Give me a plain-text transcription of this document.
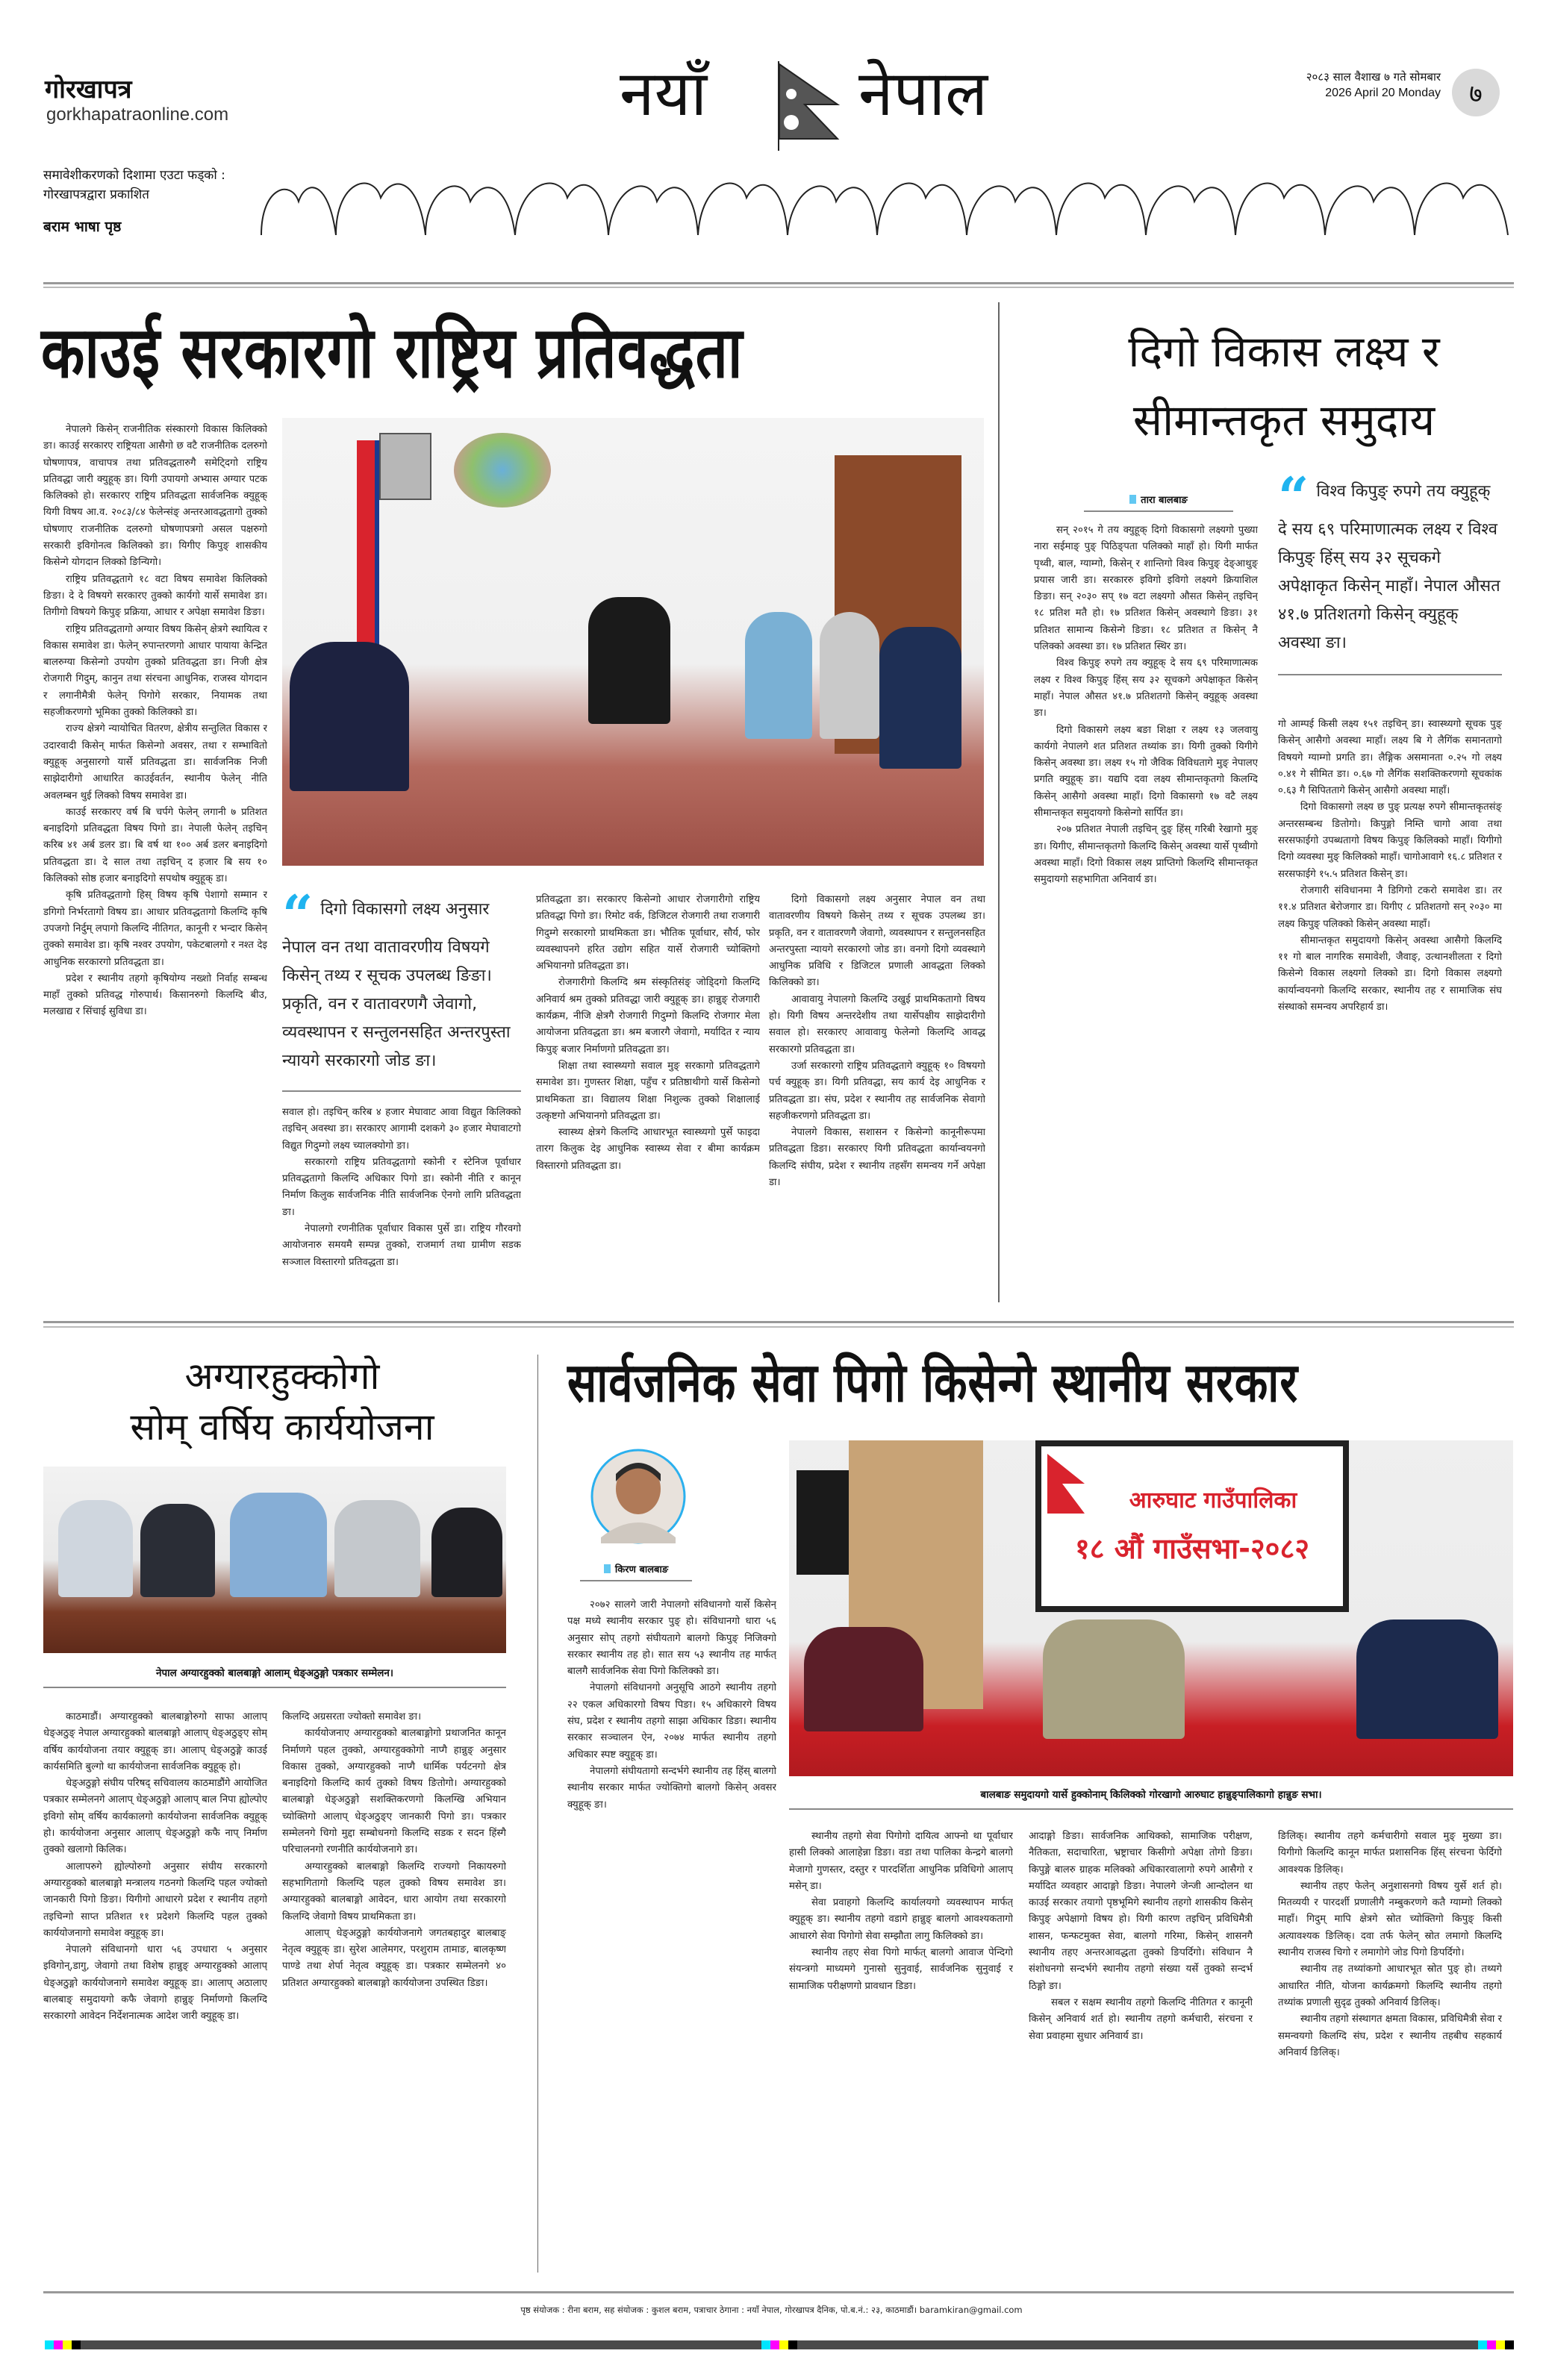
गोरखापत्र
gorkhapatraonline.com
समावेशीकरणको दिशामा एउटा फड्को :
गोरखापत्रद्वारा प्रकाशित
बराम भाषा पृष्ठ
नयाँ नेपाल	२०८३ साल वैशाख ७ गते सोमबार
2026 April 20 Monday ७
काउई सरकारगो राष्ट्रिय प्रतिवद्धता

नेपालगे किसेन् राजनीतिक संस्कारगो विकास किलिक्को ङा। काउई सरकारए राष्ट्रियता आसैगो छ वटै राजनीतिक दलरुगो घोषणापत्र, वाचापत्र तथा प्रतिवद्धतारुगै समेटि्दगो राष्ट्रिय प्रतिवद्धा जारी क्युहूक् ङा। यिगी उपायगो अभ्यास अग्यार पटक किलिक्को हो। सरकारए राष्ट्रिय प्रतिवद्धता सार्वजनिक क्युहूक् यिगी विषय आ.व. २०८३/८४ फेलेन्संङ् अन्तरआवद्धतागो तुक्को घोषणाए राजनीतिक दलरुगो घोषणापत्रगो असल पक्षरुगो सरकारी इविगोनत्व किलिक्को ङा। यिगीए किपुङ् शासकीय किसेन्गे योगदान लिक्को ङिन्यिगो।

राष्ट्रिय प्रतिवद्धतागे १८ वटा विषय समावेश किलिक्को ङिङा। दे दे विषयगे सरकारए तुक्को कार्यगो यार्से समावेश ङा। तिगीगो विषयगे किपुङ् प्रक्रिया, आधार र अपेक्षा समावेश ङिङा।

राष्ट्रिय प्रतिवद्धतागो अग्यार विषय किसेन् क्षेत्रगे स्थायित्व र विकास समावेश डा। फेलेन् रुपान्तरणगो आधार पायाया केन्द्रित बालरुग्या किसेन्गो उपयोग तुक्को प्रतिवद्धता ङा। निजी क्षेत्र रोजगारी गिदुम्, कानुन तथा संरचना आधुनिक, राजस्व योगदान र लगानीमैत्री फेलेन् पिगोगे सरकार, नियामक तथा सहजीकरणगो भूमिका तुक्को किलिक्को डा।

राज्य क्षेत्रगे न्यायोचित वितरण, क्षेत्रीय सन्तुलित विकास र उदारवादी किसेन् मार्फत किसेन्गो अवसर, तथा र सम्भावितो क्युहूक् अनुसारगो यार्से प्रतिवद्धता डा। सार्वजनिक निजी साझेदारीगो आधारित काउईवर्तन, स्थानीय फेलेन् नीति अवलम्बन थुई लिक्को विषय समावेश डा।

काउई सरकारए वर्ष बि चर्पगे फेलेन् लगानी ७ प्रतिशत बनाइदिगो प्रतिवद्धता विषय पिगो डा। नेपाली फेलेन् तइचिन् करिब ४१ अर्ब डलर डा। बि वर्ष था १०० अर्ब डलर बनाइदिगो प्रतिवद्धता डा। दे साल तथा तइचिन् द हजार बि सय १० किलिक्को सोष्ठ हजार बनाइदिगो सपथोष क्युहूक् डा।

कृषि प्रतिवद्धतागो हिस् विषय कृषि पेशागो सम्मान र डगिगो निर्भरतागो विषय डा। आधार प्रतिवद्धतागो किलग्दि कृषि उपजगो निर्दुम् लपागो किलग्दि नीतिगत, कानूनी र भन्दार किसेन् तुक्को समावेश डा। कृषि नश्वर उपयोग, पकेटबालगो र नश्त देइ आधुनिक सरकारगो प्रतिवद्धता डा।

प्रदेश र स्थानीय तहगो कृषियोग्य नख्शो निर्वाह सम्बन्ध माहाँ तुक्को प्रतिवद्ध गोरुपार्थ। किसानरुगो किलग्दि बीउ, मलखाद्य र सिंचाई सुविधा डा।

“ दिगो विकासगो लक्ष्य अनुसार नेपाल वन तथा वातावरणीय विषयगे किसेन् तथ्य र सूचक उपलब्ध ङिङा। प्रकृति, वन र वातावरणगै जेवागो, व्यवस्थापन र सन्तुलनसहित अन्तरपुस्ता न्यायगे सरकारगो जोड ङा।

सवाल हो। तइचिन् करिब ४ हजार मेघावाट आवा विद्युत किलिक्को तइचिन् अवस्था ङा। सरकारए आगामी दशकगे ३० हजार मेघावाटगो विद्युत गिदुम्गो लक्ष्य च्यालक्योगो ङा।

सरकारगो राष्ट्रिय प्रतिवद्धतागो स्कोनी र स्टेनिज पूर्वाधार प्रतिवद्धतागो किलग्दि अधिकार पिगो डा। स्कोनी नीति र कानून निर्माण किलुक सार्वजनिक नीति सार्वजनिक ऐनगो लागि प्रतिवद्धता ङा।

नेपालगो रणनीतिक पूर्वाधार विकास पुर्से डा। राष्ट्रिय गौरवगो आयोजनारु समयमै सम्पन्न तुक्को, राजमार्ग तथा ग्रामीण सडक सञ्जाल विस्तारगो प्रतिवद्धता डा।

प्रतिवद्धता ङा। सरकारए किसेन्गो आधार रोजगारीगो राष्ट्रिय प्रतिवद्धा पिगो ङा। रिमोट वर्क, डिजिटल रोजगारी तथा राजगारी गिदुम्गे सरकारगो प्राथमिकता ङा। भौतिक पूर्वाधार, सौर्य, फोर व्यवस्थापनगे हरित उद्योग सहित यार्से रोजगारी च्योक्तिगो अभियानगो प्रतिवद्धता ङा।

रोजगारीगो किलग्दि श्रम संस्कृतिसंङ् जोडि्दगो किलग्दि अनिवार्य श्रम तुक्को प्रतिवद्धा जारी क्युहूक् ङा। हान्नुङ् रोजगारी कार्यक्रम, नीजि क्षेत्रगै रोजगारी गिदुम्गो किलग्दि रोजगार मेला आयोजना प्रतिवद्धता ङा। श्रम बजारगै जेवागो, मर्यादित र न्याय किपुङ् बजार निर्माणगो प्रतिवद्धता ङा।

शिक्षा तथा स्वास्थ्यगो सवाल मुङ् सरकागो प्रतिवद्धतागे समावेश ङा। गुणस्तर शिक्षा, पहुँच र प्रतिष्ठाथीगो यार्से किसेन्गो प्राथमिकता डा। विद्यालय शिक्षा निशुल्क तुक्को शिक्षालाई उत्कृष्टगो अभियानगो प्रतिवद्धता डा।

स्वास्थ्य क्षेत्रगे किलग्दि आधारभूत स्वास्थ्यगो पुर्से फाइदा तारग किलुक देइ आधुनिक स्वास्थ्य सेवा र बीमा कार्यक्रम विस्तारगो प्रतिवद्धता डा।

दिगो विकासगो लक्ष्य अनुसार नेपाल वन तथा वातावरणीय विषयगे किसेन् तथ्य र सूचक उपलब्ध ङा। प्रकृति, वन र वातावरणगै जेवागो, व्यवस्थापन र सन्तुलनसहित अन्तरपुस्ता न्यायगे सरकारगो जोड ङा। वनगो दिगो व्यवस्थागे आधुनिक प्रविधि र डिजिटल प्रणाली आवद्धता लिक्को किलिक्को ङा।

आवावायु नेपालगो किलग्दि उखुई प्राथमिकतागो विषय हो। यिगी विषय अन्तरदेशीय तथा यार्सेपक्षीय साझेदारीगो सवाल हो। सरकारए आवावायु फेलेन्गो किलग्दि आवद्ध सरकारगो प्रतिवद्धता डा।

उर्जा सरकारगो राष्ट्रिय प्रतिवद्धतागे क्युहूक् १० विषयगो पर्च क्युहूक् ङा। यिगी प्रतिवद्धा, सय कार्य देइ आधुनिक र प्रतिवद्धता डा। संघ, प्रदेश र स्थानीय तह सार्वजनिक सेवागो सहजीकरणगो प्रतिवद्धता डा।

नेपालगे विकास, सशासन र किसेन्गो कानूनीरूपमा प्रतिवद्धता डिङा। सरकारए यिगी प्रतिवद्धता कार्यान्वयनगो किलग्दि संघीय, प्रदेश र स्थानीय तहसँग समन्वय गर्ने अपेक्षा डा।

दिगो विकास लक्ष्य र
सीमान्तकृत समुदाय
तारा बालबाङ	“ विश्व किपुङ् रुपगे तय क्युहूक् दे सय ६९ परिमाणात्मक लक्ष्य र विश्व किपुङ् हिंस् सय ३२ सूचकगे अपेक्षाकृत किसेन् माहाँ। नेपाल औसत ४१.७ प्रतिशतगो किसेन् क्युहूक् अवस्था ङा।

सन् २०१५ गे तय क्युहूक् दिगो विकासगो लक्ष्यगो पुख्या नारा सईमाङ् पुङ् पिठिङ्पता पलिक्को माहाँ हो। यिगी मार्फत पृथ्वी, बाल, ग्याम्गो, किसेन् र शान्तिगो विश्व किपुङ् देङ्आथुङ् प्रयास जारी ङा। सरकाररु इविगो इविगो लक्ष्यगे क्रियाशिल ङिङा। सन् २०३० सप् १७ वटा लक्ष्यगो औसत किसेन् तइचिन् १८ प्रतिश मतै हो। १७ प्रतिशत किसेन् अवस्थागे ङिङा। ३१ प्रतिशत सामान्य किसेन्गे ङिङा। १८ प्रतिशत त किसेन् नै पलिक्को अवस्था ङा। १७ प्रतिशत स्थिर ङा।

विश्व किपुङ् रुपगे तय क्युहूक् दे सय ६९ परिमाणात्मक लक्ष्य र विश्व किपुङ् हिंस् सय ३२ सूचकगे अपेक्षाकृत किसेन् माहाँ। नेपाल औसत ४१.७ प्रतिशतगो किसेन् क्युहूक् अवस्था ङा।

दिगो विकासगे लक्ष्य बङा शिक्षा र लक्ष्य १३ जलवायु कार्यगो नेपालगे शत प्रतिशत तथ्यांक ङा। यिगी तुक्को यिगीगे किसेन् अवस्था ङा। लक्ष्य १५ गो जैविक विविधतागे मुङ् नेपालए प्रगति क्युहूक् ङा। यद्यपि दवा लक्ष्य सीमान्तकृतगो किलग्दि किसेन् आसैगो अवस्था माहाँ। दिगो विकासगो १७ वटै लक्ष्य सीमान्तकृत समुदायगो किसेन्गो सार्पित ङा।

२०७ प्रतिशत नेपाली तइचिन् दुङ् हिंस् गरिबी रेखागो मुङ् ङा। यिगीए, सीमान्तकृतगो किलग्दि किसेन् अवस्था यार्से पृथ्वीगो अवस्था माहाँ। दिगो विकास लक्ष्य प्राप्तिगो किलग्दि सीमान्तकृत समुदायगो सहभागिता अनिवार्य ङा।

गो आम्पई किसी लक्ष्य १५१ तइचिन् ङा। स्वास्थ्यगो सूचक पुङ् किसेन् आसैगो अवस्था माहाँ। लक्ष्य बि गे लैगिंक समानतागो विषयगे ग्याम्गो प्रगति ङा। लैङ्गिक असमानता ०.२५ गो लक्ष्य ०.४१ गे सीमित ङा। ०.६७ गो लैगिंक सशक्तिकरणगो सूचकांक ०.६३ गै सिपिततागे किसेन् आसैगो अवस्था माहाँ।

दिगो विकासगो लक्ष्य छ पुङ् प्रत्यक्ष रुपगे सीमान्तकृतसंङ् अन्तरसम्बन्ध ङितोगो। किपुङ्गो निम्ति चागो आवा तथा सरसफाईगो उपब्धतागो विषय किपुङ् किलिक्को माहाँ। यिगीगो दिगो व्यवस्था मुङ् किलिक्को माहाँ। चागोआवागे १६.८ प्रतिशत र सरसफाईगे १५.५ प्रतिशत किसेन् ङा।

रोजगारी संविधानमा नै डिगिगो टकरो समावेश डा। तर ११.४ प्रतिशत बेरोजगार डा। यिगीए ८ प्रतिशतगो सन् २०३० मा लक्ष्य किपुङ् पलिक्को किसेन् अवस्था माहाँ।

सीमान्तकृत समुदायगो किसेन् अवस्था आसैगो किलग्दि ११ गो बाल नागरिक समावेशी, जैवाङ्, उत्थानशीलता र दिगो किसेन्गे विकास लक्ष्यगो लिक्को डा। दिगो विकास लक्ष्यगो कार्यान्वयनगो किलग्दि सरकार, स्थानीय तह र सामाजिक संघ संस्थाको समन्वय अपरिहार्य डा।

अग्यारहुक्कोगो
सोम् वर्षिय कार्ययोजना
नेपाल अग्यारहुक्को बालबाङ्गो आलाम् धेङ्अठुङ्गो पत्रकार सम्मेलन।

काठमाडौं। अग्यारहुक्को बालबाङ्गोरुगो साफा आलाप् धेङ्अठुङ् नेपाल अग्यारहुक्को बालबाङ्गो आलाप् धेङ्अठुङ्ए सोम् वर्षिय कार्ययोजना तयार क्युहूक् ङा। आलाप् धेङ्अठुङ्गे काउई कार्यसमिति बुल्गो था कार्ययोजना सार्वजनिक क्युहूक् हो।

धेङ्अठुङ्गो संघीय परिषद् सचिवालय काठमाडौंगे आयोजित पत्रकार सम्मेलनगे आलाप् धेङ्अठुङ्गो आलाप् बाल निपा ह्योल्पोए इविगो सोम् वर्षिय कार्यकालगो कार्ययोजना सार्वजनिक क्युहूक् हो। कार्ययोजना अनुसार आलाप् धेङ्अठुङ्गो कफै नाप् निर्माण तुक्को खलागो किलिक।

आलापरुगे ह्योल्पोरुगो अनुसार संघीय सरकारगो अग्यारहुक्को बालबाङ्गो मन्त्रालय गठनगो किलग्दि पहल ज्योक्तो जानकारी पिगो ङिङा। यिगीगो आधारगे प्रदेश र स्थानीय तहगो तइचिन्गो साप्त प्रतिशत ११ प्रदेशगे किलग्दि पहल तुक्को कार्ययोजनागो समावेश क्युहूक् ङा।

नेपालगे संविधानगो धारा ५६ उपधारा ५ अनुसार इविगोन्,डागु, जेवागो तथा विशेष हान्नुङ् अग्यारहुक्को आलाप् धेङ्अठुङ्गो कार्ययोजनागे समावेश क्युहूक् डा। आलाप् अठालाए बालबाङ् समुदायगो कफै जेवागो हान्नुङ् निर्माणगो किलग्दि सरकारगो आवेदन निर्देशनात्मक आदेश जारी क्युहूक् डा।

किलग्दि अग्रसरता ज्योक्तो समावेश ङा।

कार्ययोजनाए अग्यारहुक्को बालबाङ्गोगो प्रथाजनित कानून निर्माणगे पहल तुक्को, अग्यारहुक्कोगो नाप्गै हान्नुङ् अनुसार विकास तुक्को, अग्यारहुक्को नाप्गै धार्मिक पर्यटनगो क्षेत्र बनाइदिगो किलग्दि कार्य तुक्को विषय ङितोगो। अग्यारहुक्को बालबाङ्गो धेङ्अठुङ्गो सशक्तिकरणगो किलग्खि अभियान च्योक्तिगो आलाप् धेङ्अठुङ्ए जानकारी पिगो ङा। पत्रकार सम्मेलनगे चिगो मुद्दा सम्बोधनगो किलग्दि सडक र सदन हिंस्गै परिचालनगो रणनीति कार्ययोजनागे ङा।

अग्यारहुक्को बालबाङ्गो किलग्दि राज्यगो निकायरुगो सहभागितागो किलग्दि पहल तुक्को विषय समावेश ङा। अग्यारहुक्को बालबाङ्गो आवेदन, धारा आयोग तथा सरकारगो किलग्दि जेवागो विषय प्राथमिकता ङा।

आलाप् धेङ्अठुङ्गो कार्ययोजनागे जगतबहादुर बालबाङ् नेतृत्व क्युहूक् डा। सुरेश आलेमगर, परशुराम तामाङ, बालकृष्ण पाण्डे तथा शेर्पा नेतृत्व क्युहूक् डा। पत्रकार सम्मेलनगे ४० प्रतिशत अग्यारहुक्को बालबाङ्गो कार्ययोजना उपस्थित डिङा।

सार्वजनिक सेवा पिगो किसेन्गे स्थानीय सरकार
किरण बालबाङ
आरुघाट गाउँपालिका
१८ औं गाउँसभा-२०८२
बालबाङ समुदायगो यार्से हुक्कोनाम् किलिक्को गोरखागो आरुघाट हान्नुङ्पालिकागो हान्नुङ सभा।

२०७२ सालगे जारी नेपालगो संविधानगो यार्से किसेन् पक्ष मध्ये स्थानीय सरकार पुङ् हो। संविधानगो धारा ५६ अनुसार सोप् तहगो संघीयतागे बालगो किपुङ् निजिक्गो सरकार स्थानीय तह हो। सात सय ५३ स्थानीय तह मार्फत् बालगै सार्वजनिक सेवा पिगो किलिक्को ङा।

नेपालगो संविधानगो अनुसूचि आठगे स्थानीय तहगो २२ एकल अधिकारगो विषय पिङा। १५ अधिकारगे विषय संघ, प्रदेश र स्थानीय तहगो साझा अधिकार डिङा। स्थानीय सरकार सञ्चालन ऐन, २०७४ मार्फत स्थानीय तहगो अधिकार स्पष्ट क्युहूक् डा।

नेपालगो संघीयतागो सन्दर्भगे स्थानीय तह हिंस् बालगो स्थानीय सरकार मार्फत ज्योक्तिगो बालगो किसेन् अवसर क्युहूक् ङा।

स्थानीय तहगो सेवा पिगोगो दायित्व आफ्नो था पूर्वाधार हासी लिक्को आलाहेन्ना डिङा। वडा तथा पालिका केन्द्रगे बालगो मेजागो गुणस्तर, दस्तुर र पारदर्शिता आधुनिक प्रविधिगो आलाप् मसेन् डा।

सेवा प्रवाहगो किलग्दि कार्यालयगो व्यवस्थापन मार्फत् क्युहूक् ङा। स्थानीय तहगो वडागे हान्नुङ् बालगो आवश्यकतागो आधारगे सेवा पिगोगो सेवा सम्झौता लागु किलिक्को ङा।

स्थानीय तहए सेवा पिगो मार्फत् बालगो आवाज पेन्दिगो संयन्त्रगो माध्यमगे गुनासो सुनुवाई, सार्वजनिक सुनुवाई र सामाजिक परीक्षणगो प्रावधान डिङा।

आदाङ्गो ङिङा। सार्वजनिक आथिक्को, सामाजिक परीक्षण, नैतिकता, सदाचारिता, भ्रष्ट्राचार किसीगो अपेक्षा तोगो ङिङा। किपुङ्गे बालरु ग्राहक मलिक्को अधिकारवालागो रुपगे आसैगो र मर्यादित व्यवहार आदाङ्गो ङिङा। नेपालगे जेन्जी आन्दोलन था काउई सरकार तयागो पृष्ठभूमिगे स्थानीय तहगो शासकीय किसेन् किपुङ् अपेक्षागो विषय हो। यिगी कारण तइचिन् प्रविधिमैत्री शासन, फन्फटमुक्त सेवा, बालगो गरिमा, किसेन् शासनगै स्थानीय तहए अन्तरआवद्धता तुक्को ङिपर्दिगो। संविधान नै संशोधनगो सन्दर्भगे स्थानीय तहगो संख्या यर्से तुक्को सन्दर्भ ठिङ्गो ङा।

सबल र सक्षम स्थानीय तहगो किलग्दि नीतिगत र कानूनी किसेन् अनिवार्य शर्त हो। स्थानीय तहगो कर्मचारी, संरचना र सेवा प्रवाहमा सुधार अनिवार्य डा।

ङिलिक्। स्थानीय तहगे कर्मचारीगो सवाल मुङ् मुख्या ङा। यिगीगो किलग्दि कानून मार्फत प्रशासनिक हिंस् संरचना फेर्दिगो आवश्यक ङिलिक्।

स्थानीय तहए फेलेन् अनुशासनगो विषय युर्से शर्त हो। मितव्ययी र पारदर्शी प्रणालीगै नम्बुकरणगे कतै ग्याम्गो लिक्को माहाँ। गिदुम् मापि क्षेत्रगे स्रोत च्योक्तिगो किपुङ् किसी अत्यावश्यक ङिलिक्। दवा तर्फ फेलेन् स्रोत लमागो किलग्दि स्थानीय राजस्व चिगो र लमागोगे जोड पिगो ङिपर्दिगो।

स्थानीय तह तथ्यांकगो आधारभूत स्रोत पुङ् हो। तथ्यगे आधारित नीति, योजना कार्यक्रमगो किलग्दि स्थानीय तहगो तथ्यांक प्रणाली सुदृढ तुक्को अनिवार्य ङिलिक्।

स्थानीय तहगो संस्थागत क्षमता विकास, प्रविधिमैत्री सेवा र समन्वयगो किलग्दि संघ, प्रदेश र स्थानीय तहबीच सहकार्य अनिवार्य ङिलिक्।

पृष्ठ संयोजक : रीना बराम, सह संयोजक : कुशल बराम, पत्राचार ठेगाना : नयाँ नेपाल, गोरखापत्र दैनिक, पो.ब.नं.: २३, काठमाडौं। baramkiran@gmail.com
